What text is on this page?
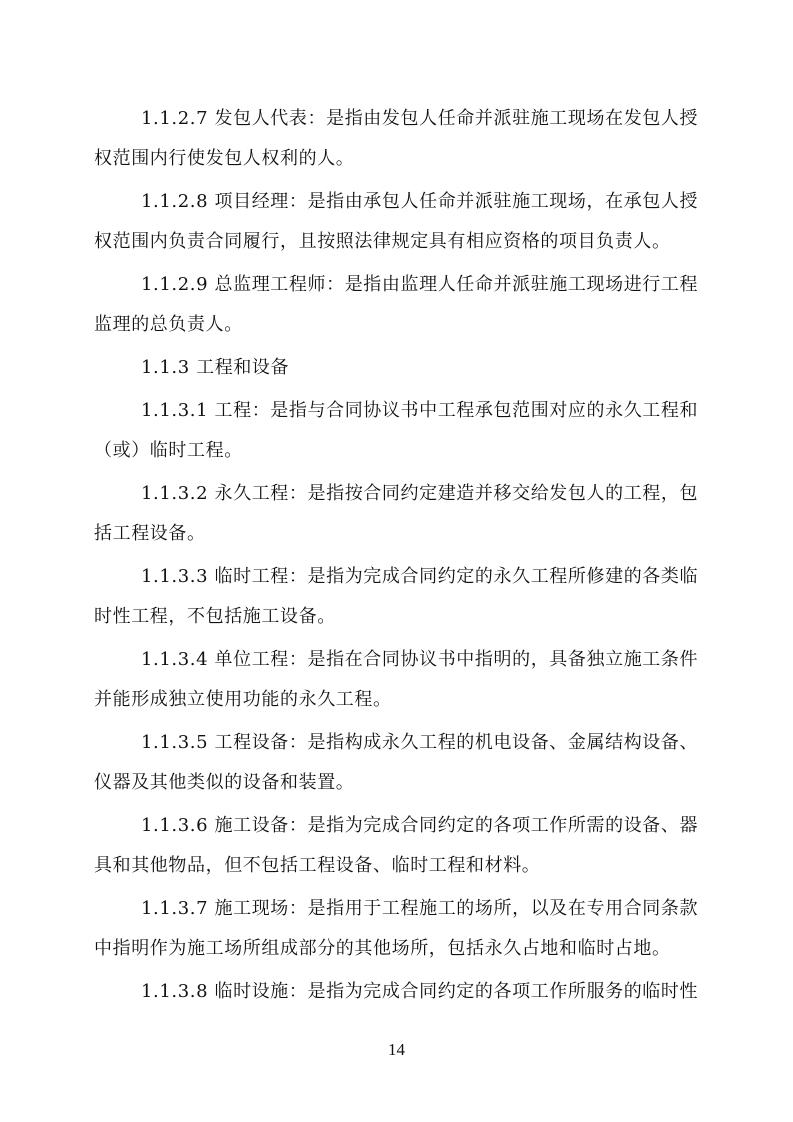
1.1.2.7 发包人代表：是指由发包人任命并派驻施工现场在发包人授
权范围内行使发包人权利的人。

1.1.2.8 项目经理：是指由承包人任命并派驻施工现场，在承包人授
权范围内负责合同履行，且按照法律规定具有相应资格的项目负责人。

1.1.2.9 总监理工程师：是指由监理人任命并派驻施工现场进行工程
监理的总负责人。

1.1.3 工程和设备

1.1.3.1 工程：是指与合同协议书中工程承包范围对应的永久工程和
（或）临时工程。

1.1.3.2 永久工程：是指按合同约定建造并移交给发包人的工程，包
括工程设备。

1.1.3.3 临时工程：是指为完成合同约定的永久工程所修建的各类临
时性工程，不包括施工设备。

1.1.3.4 单位工程：是指在合同协议书中指明的，具备独立施工条件
并能形成独立使用功能的永久工程。

1.1.3.5 工程设备：是指构成永久工程的机电设备、金属结构设备、
仪器及其他类似的设备和装置。

1.1.3.6 施工设备：是指为完成合同约定的各项工作所需的设备、器
具和其他物品，但不包括工程设备、临时工程和材料。

1.1.3.7 施工现场：是指用于工程施工的场所，以及在专用合同条款
中指明作为施工场所组成部分的其他场所，包括永久占地和临时占地。

1.1.3.8 临时设施：是指为完成合同约定的各项工作所服务的临时性

14
